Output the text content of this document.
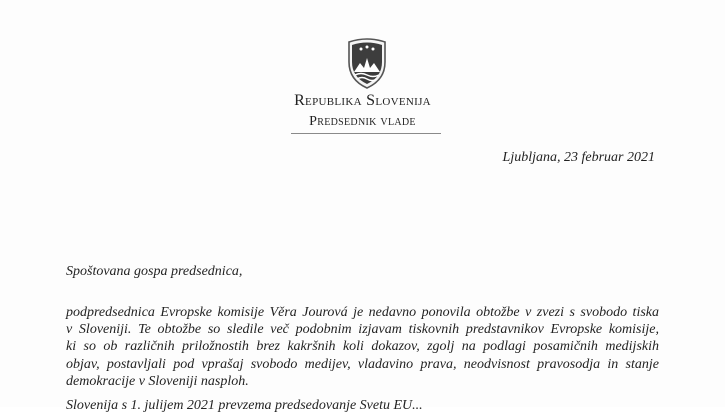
Republika Slovenija
Predsednik vlade
Ljubljana, 23 februar 2021
Spoštovana gospa predsednica,
podpredsednica Evropske komisije Věra Jourová je nedavno ponovila obtožbe v zvezi s svobodo tiska
v Sloveniji. Te obtožbe so sledile več podobnim izjavam tiskovnih predstavnikov Evropske komisije,
ki so ob različnih priložnostih brez kakršnih koli dokazov, zgolj na podlagi posamičnih medijskih
objav, postavljali pod vprašaj svobodo medijev, vladavino prava, neodvisnost pravosodja in stanje
demokracije v Sloveniji nasploh.
Slovenija s 1. julijem 2021 prevzema predsedovanje Svetu EU...
